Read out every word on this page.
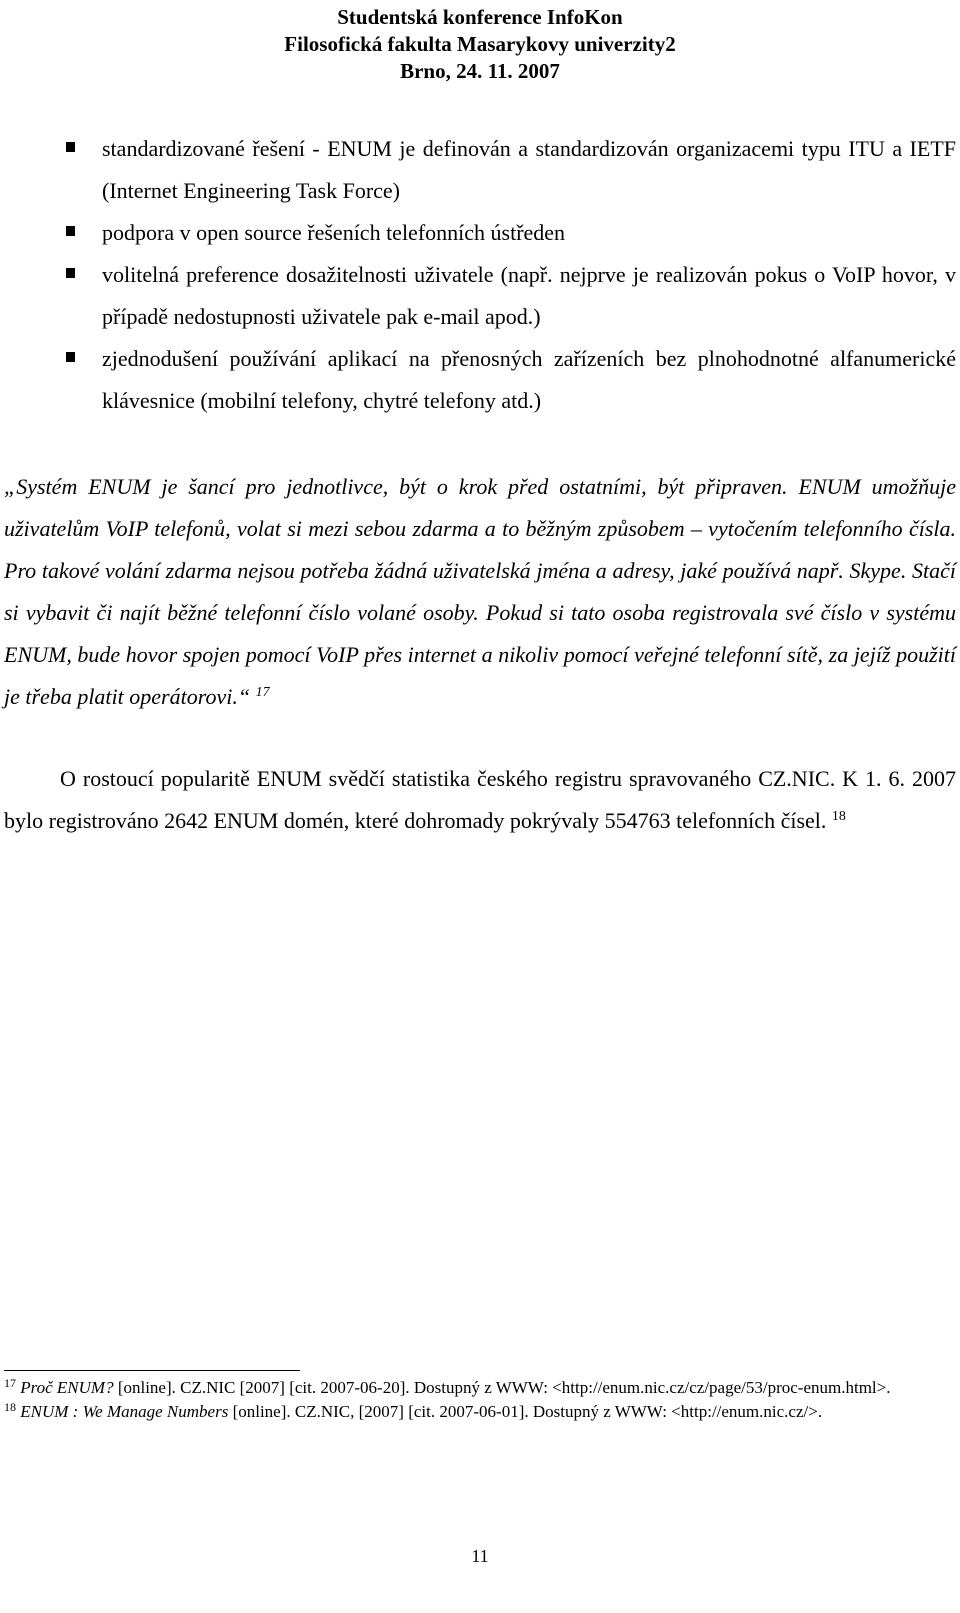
Studentská konference InfoKon
Filosofická fakulta Masarykovy univerzity2
Brno, 24. 11. 2007
standardizované řešení - ENUM je definován a standardizován organizacemi typu ITU a IETF (Internet Engineering Task Force)
podpora v open source řešeních telefonních ústředen
volitelná preference dosažitelnosti uživatele (např. nejprve je realizován pokus o VoIP hovor, v případě nedostupnosti uživatele pak e-mail apod.)
zjednodušení používání aplikací na přenosných zařízeních bez plnohodnotné alfanumerické klávesnice (mobilní telefony, chytré telefony atd.)
„Systém ENUM je šancí pro jednotlivce, být o krok před ostatními, být připraven. ENUM umožňuje uživatelům VoIP telefonů, volat si mezi sebou zdarma a to běžným způsobem – vytočením telefonního čísla. Pro takové volání zdarma nejsou potřeba žádná uživatelská jména a adresy, jaké používá např. Skype. Stačí si vybavit či najít běžné telefonní číslo volané osoby. Pokud si tato osoba registrovala své číslo v systému ENUM, bude hovor spojen pomocí VoIP přes internet a nikoliv pomocí veřejné telefonní sítě, za jejíž použití je třeba platit operátorovi.“ $^{17}$
O rostoucí popularitě ENUM svědčí statistika českého registru spravovaného CZ.NIC. K 1. 6. 2007 bylo registrováno 2642 ENUM domén, které dohromady pokrývaly 554763 telefonních čísel. $^{18}$
$^{17}$ Proč ENUM? [online]. CZ.NIC [2007] [cit. 2007-06-20]. Dostupný z WWW: <http://enum.nic.cz/cz/page/53/proc-enum.html>.
$^{18}$ ENUM : We Manage Numbers [online]. CZ.NIC, [2007] [cit. 2007-06-01]. Dostupný z WWW: <http://enum.nic.cz/>.
11
